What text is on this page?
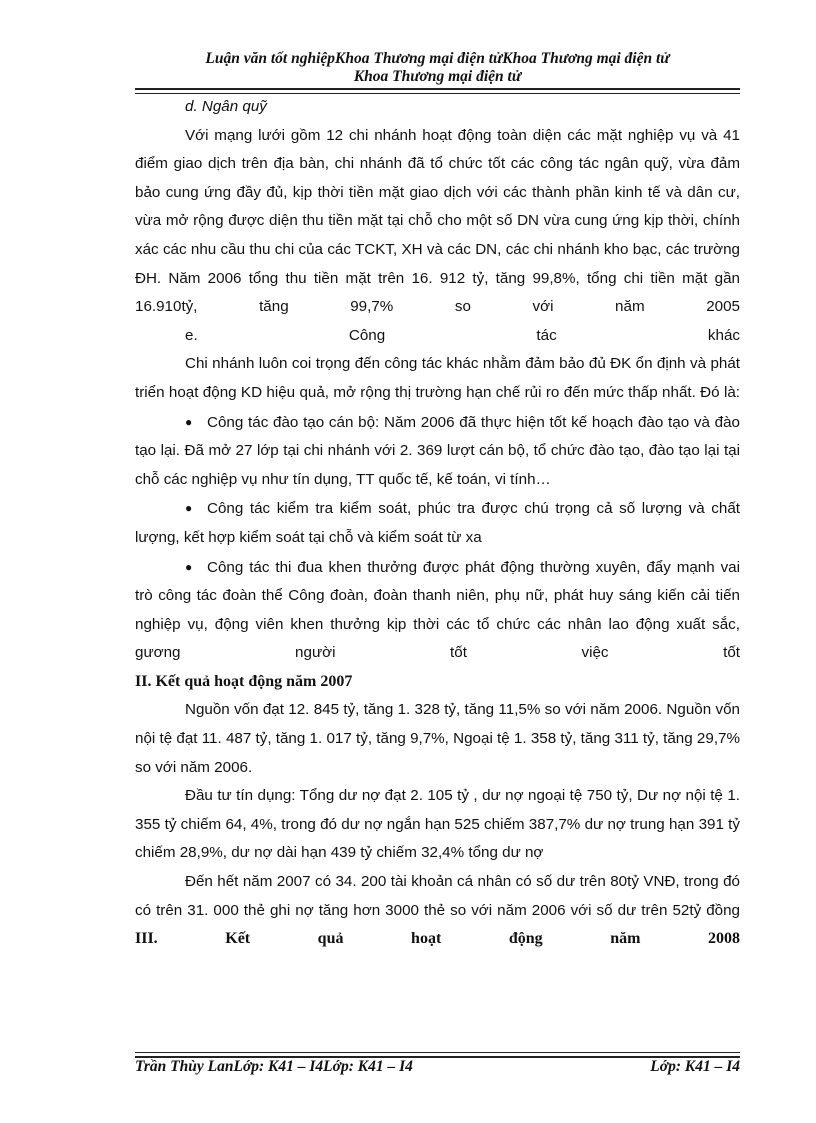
Luận văn tốt nghiệpKhoa Thương mại điện tửKhoa Thương mại điện tử
Khoa Thương mại điện tử

d. Ngân quỹ

Với mạng lưới gồm 12 chi nhánh hoạt động toàn diện các mặt nghiệp vụ và 41 điểm giao dịch trên địa bàn, chi nhánh đã tổ chức tốt các công tác ngân quỹ, vừa đảm bảo cung ứng đầy đủ, kịp thời tiền mặt giao dịch với các thành phần kinh tế và dân cư, vừa mở rộng được diện thu tiền mặt tại chỗ cho một số DN vừa cung ứng kịp thời, chính xác các nhu cầu thu chi của các TCKT, XH và các DN, các chi nhánh kho bạc, các trường ĐH. Năm 2006 tổng thu tiền mặt trên 16. 912 tỷ, tăng 99,8%, tổng chi tiền mặt gần 16.910tỷ, tăng 99,7% so với năm 2005

e. Công tác khác

Chi nhánh luôn coi trọng đến công tác khác nhằm đảm bảo đủ ĐK ổn định và phát triển hoạt động KD hiệu quả, mở rộng thị trường hạn chế rủi ro đến mức thấp nhất. Đó là:

● Công tác đào tạo cán bộ: Năm 2006 đã thực hiện tốt kế hoạch đào tạo và đào tạo lại. Đã mở 27 lớp tại chi nhánh với 2. 369 lượt cán bộ, tổ chức đào tạo, đào tạo lại tại chỗ các nghiệp vụ như tín dụng, TT quốc tế, kế toán, vi tính…

● Công tác kiểm tra kiểm soát, phúc tra được chú trọng cả số lượng và chất lượng, kết hợp kiểm soát tại chỗ và kiểm soát từ xa

● Công tác thi đua khen thưởng được phát động thường xuyên, đẩy mạnh vai trò công tác đoàn thể Công đoàn, đoàn thanh niên, phụ nữ, phát huy sáng kiến cải tiến nghiệp vụ, động viên khen thưởng kịp thời các tổ chức các nhân lao động xuất sắc, gương người tốt việc tốt

II. Kết quả hoạt động năm 2007

Nguồn vốn đạt 12. 845 tỷ, tăng 1. 328 tỷ, tăng 11,5% so với năm 2006. Nguồn vốn nội tệ đạt 11. 487 tỷ, tăng 1. 017 tỷ, tăng 9,7%, Ngoại tệ 1. 358 tỷ, tăng 311 tỷ, tăng 29,7% so với năm 2006.

Đầu tư tín dụng: Tổng dư nợ đạt 2. 105 tỷ , dư nợ ngoại tệ 750 tỷ, Dư nợ nội tệ 1. 355 tỷ chiếm 64, 4%, trong đó dư nợ ngắn hạn 525 chiếm 387,7% dư nợ trung hạn 391 tỷ chiếm 28,9%, dư nợ dài hạn 439 tỷ chiếm 32,4% tổng dư nợ

Đến hết năm 2007 có 34. 200 tài khoản cá nhân có số dư trên 80tỷ VNĐ, trong đó có trên 31. 000 thẻ ghi nợ tăng hơn 3000 thẻ so với năm 2006 với số dư trên 52tỷ đồng

III. Kết quả hoạt động năm 2008

Trần Thùy LanLớp: K41 – I4Lớp: K41 – I4	Lớp: K41 – I4
